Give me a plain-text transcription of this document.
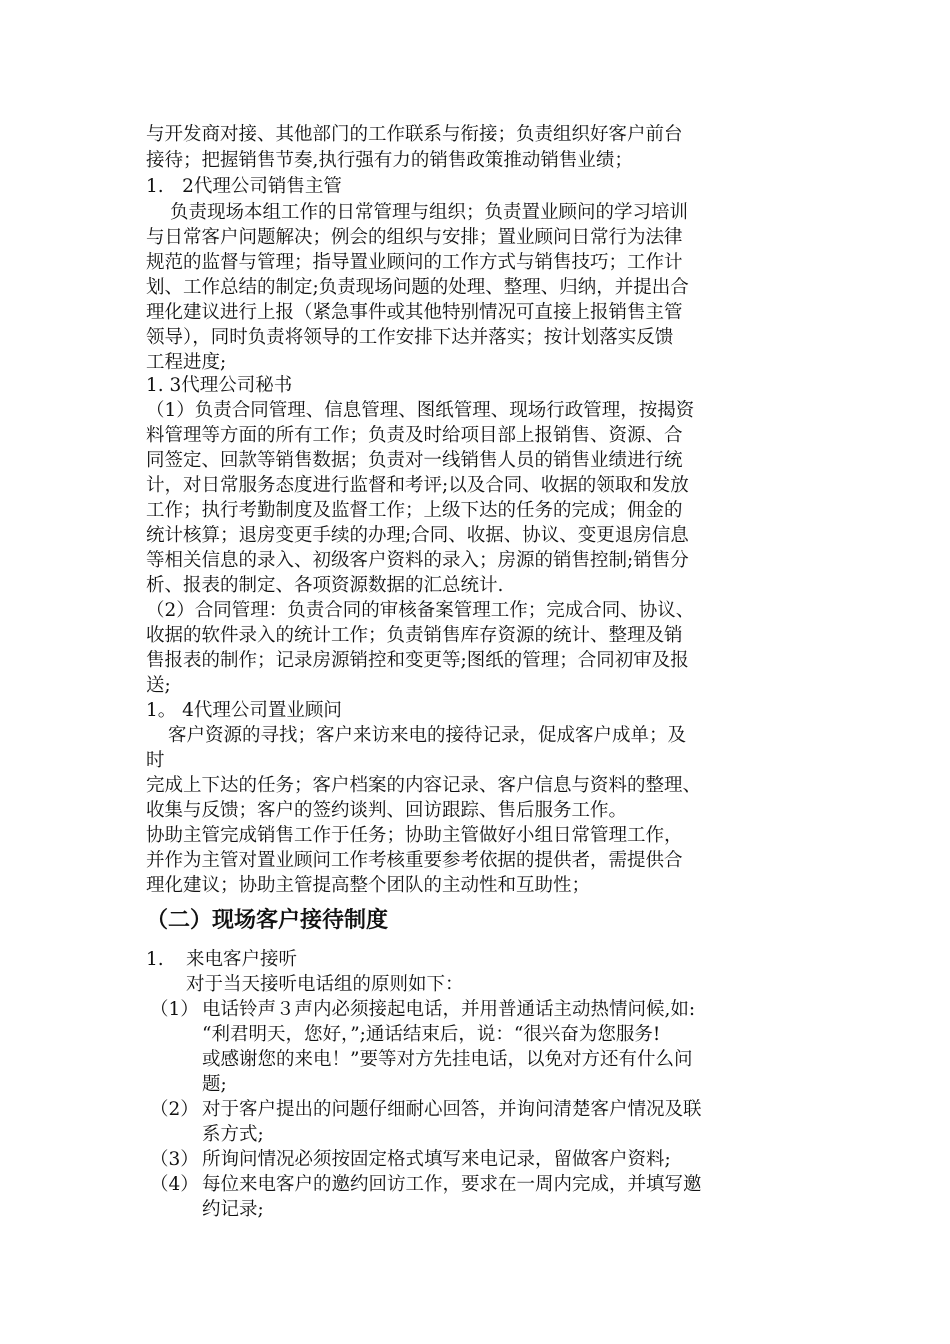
与开发商对接、其他部门的工作联系与衔接；负责组织好客户前台
接待；把握销售节奏,执行强有力的销售政策推动销售业绩；
1.　2代理公司销售主管
负责现场本组工作的日常管理与组织；负责置业顾问的学习培训
与日常客户问题解决；例会的组织与安排；置业顾问日常行为法律
规范的监督与管理；指导置业顾问的工作方式与销售技巧；工作计
划、工作总结的制定;负责现场问题的处理、整理、归纳，并提出合
理化建议进行上报（紧急事件或其他特别情况可直接上报销售主管
领导），同时负责将领导的工作安排下达并落实；按计划落实反馈
工程进度;
1. 3代理公司秘书
（1）负责合同管理、信息管理、图纸管理、现场行政管理，按揭资
料管理等方面的所有工作；负责及时给项目部上报销售、资源、合
同签定、回款等销售数据；负责对一线销售人员的销售业绩进行统
计，对日常服务态度进行监督和考评;以及合同、收据的领取和发放
工作；执行考勤制度及监督工作；上级下达的任务的完成；佣金的
统计核算；退房变更手续的办理;合同、收据、协议、变更退房信息
等相关信息的录入、初级客户资料的录入；房源的销售控制;销售分
析、报表的制定、各项资源数据的汇总统计.
（2）合同管理：负责合同的审核备案管理工作；完成合同、协议、
收据的软件录入的统计工作；负责销售库存资源的统计、整理及销
售报表的制作；记录房源销控和变更等;图纸的管理；合同初审及报
送;
1。 4代理公司置业顾问
客户资源的寻找；客户来访来电的接待记录，促成客户成单；及
时
完成上下达的任务；客户档案的内容记录、客户信息与资料的整理、
收集与反馈；客户的签约谈判、回访跟踪、售后服务工作。
协助主管完成销售工作于任务；协助主管做好小组日常管理工作，
并作为主管对置业顾问工作考核重要参考依据的提供者，需提供合
理化建议；协助主管提高整个团队的主动性和互助性；
（二）现场客户接待制度
1. 来电客户接听
对于当天接听电话组的原则如下：
（1） 电话铃声３声内必须接起电话，并用普通话主动热情问候,如:
“利君明天，您好，”;通话结束后，说：“很兴奋为您服务!
或感谢您的来电！”要等对方先挂电话，以免对方还有什么问
题;
（2） 对于客户提出的问题仔细耐心回答，并询问清楚客户情况及联
系方式;
（3） 所询问情况必须按固定格式填写来电记录，留做客户资料;
（4） 每位来电客户的邀约回访工作，要求在一周内完成，并填写邀
约记录;
